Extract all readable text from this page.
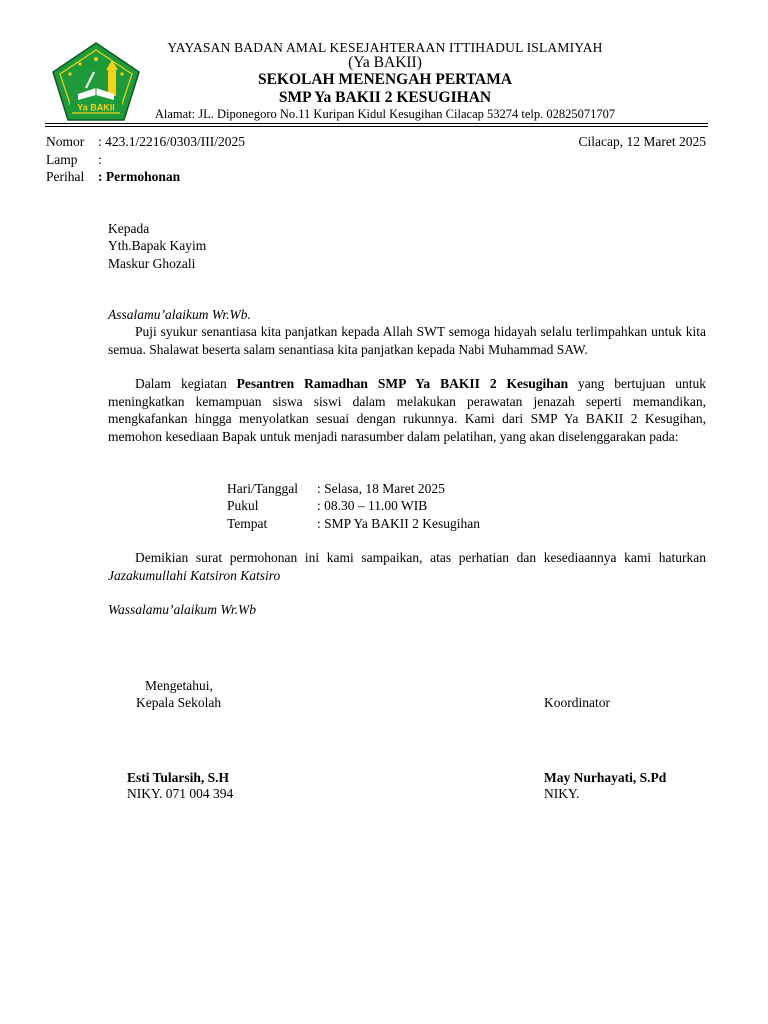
Ya BAKII
YAYASAN BADAN AMAL KESEJAHTERAAN ITTIHADUL ISLAMIYAH
(Ya BAKII)
SEKOLAH MENENGAH PERTAMA
SMP Ya BAKII 2 KESUGIHAN
Alamat: JL. Diponegoro No.11 Kuripan Kidul Kesugihan Cilacap 53274 telp. 02825071707
Nomor : 423.1/2216/0303/III/2025	Cilacap, 12 Maret 2025
Lamp :
Perihal : Permohonan
Kepada
Yth.Bapak Kayim
Maskur Ghozali
Assalamu’alaikum Wr.Wb.
Puji syukur senantiasa kita panjatkan kepada Allah SWT semoga hidayah selalu terlimpahkan untuk kita semua. Shalawat beserta salam senantiasa kita panjatkan kepada Nabi Muhammad SAW.
Dalam kegiatan Pesantren Ramadhan SMP Ya BAKII 2 Kesugihan yang bertujuan untuk meningkatkan kemampuan siswa siswi dalam melakukan perawatan jenazah seperti memandikan, mengkafankan hingga menyolatkan sesuai dengan rukunnya. Kami dari SMP Ya BAKII 2 Kesugihan, memohon kesediaan Bapak untuk menjadi narasumber dalam pelatihan, yang akan diselenggarakan pada:
Hari/Tanggal : Selasa, 18 Maret 2025
Pukul	: 08.30 – 11.00 WIB
Tempat	: SMP Ya BAKII 2 Kesugihan
Demikian surat permohonan ini kami sampaikan, atas perhatian dan kesediaannya kami haturkan Jazakumullahi Katsiron Katsiro
Wassalamu’alaikum Wr.Wb
Mengetahui,
Kepala Sekolah	Koordinator
Esti Tularsih, S.H
NIKY. 071 004 394
May Nurhayati, S.Pd
NIKY.
